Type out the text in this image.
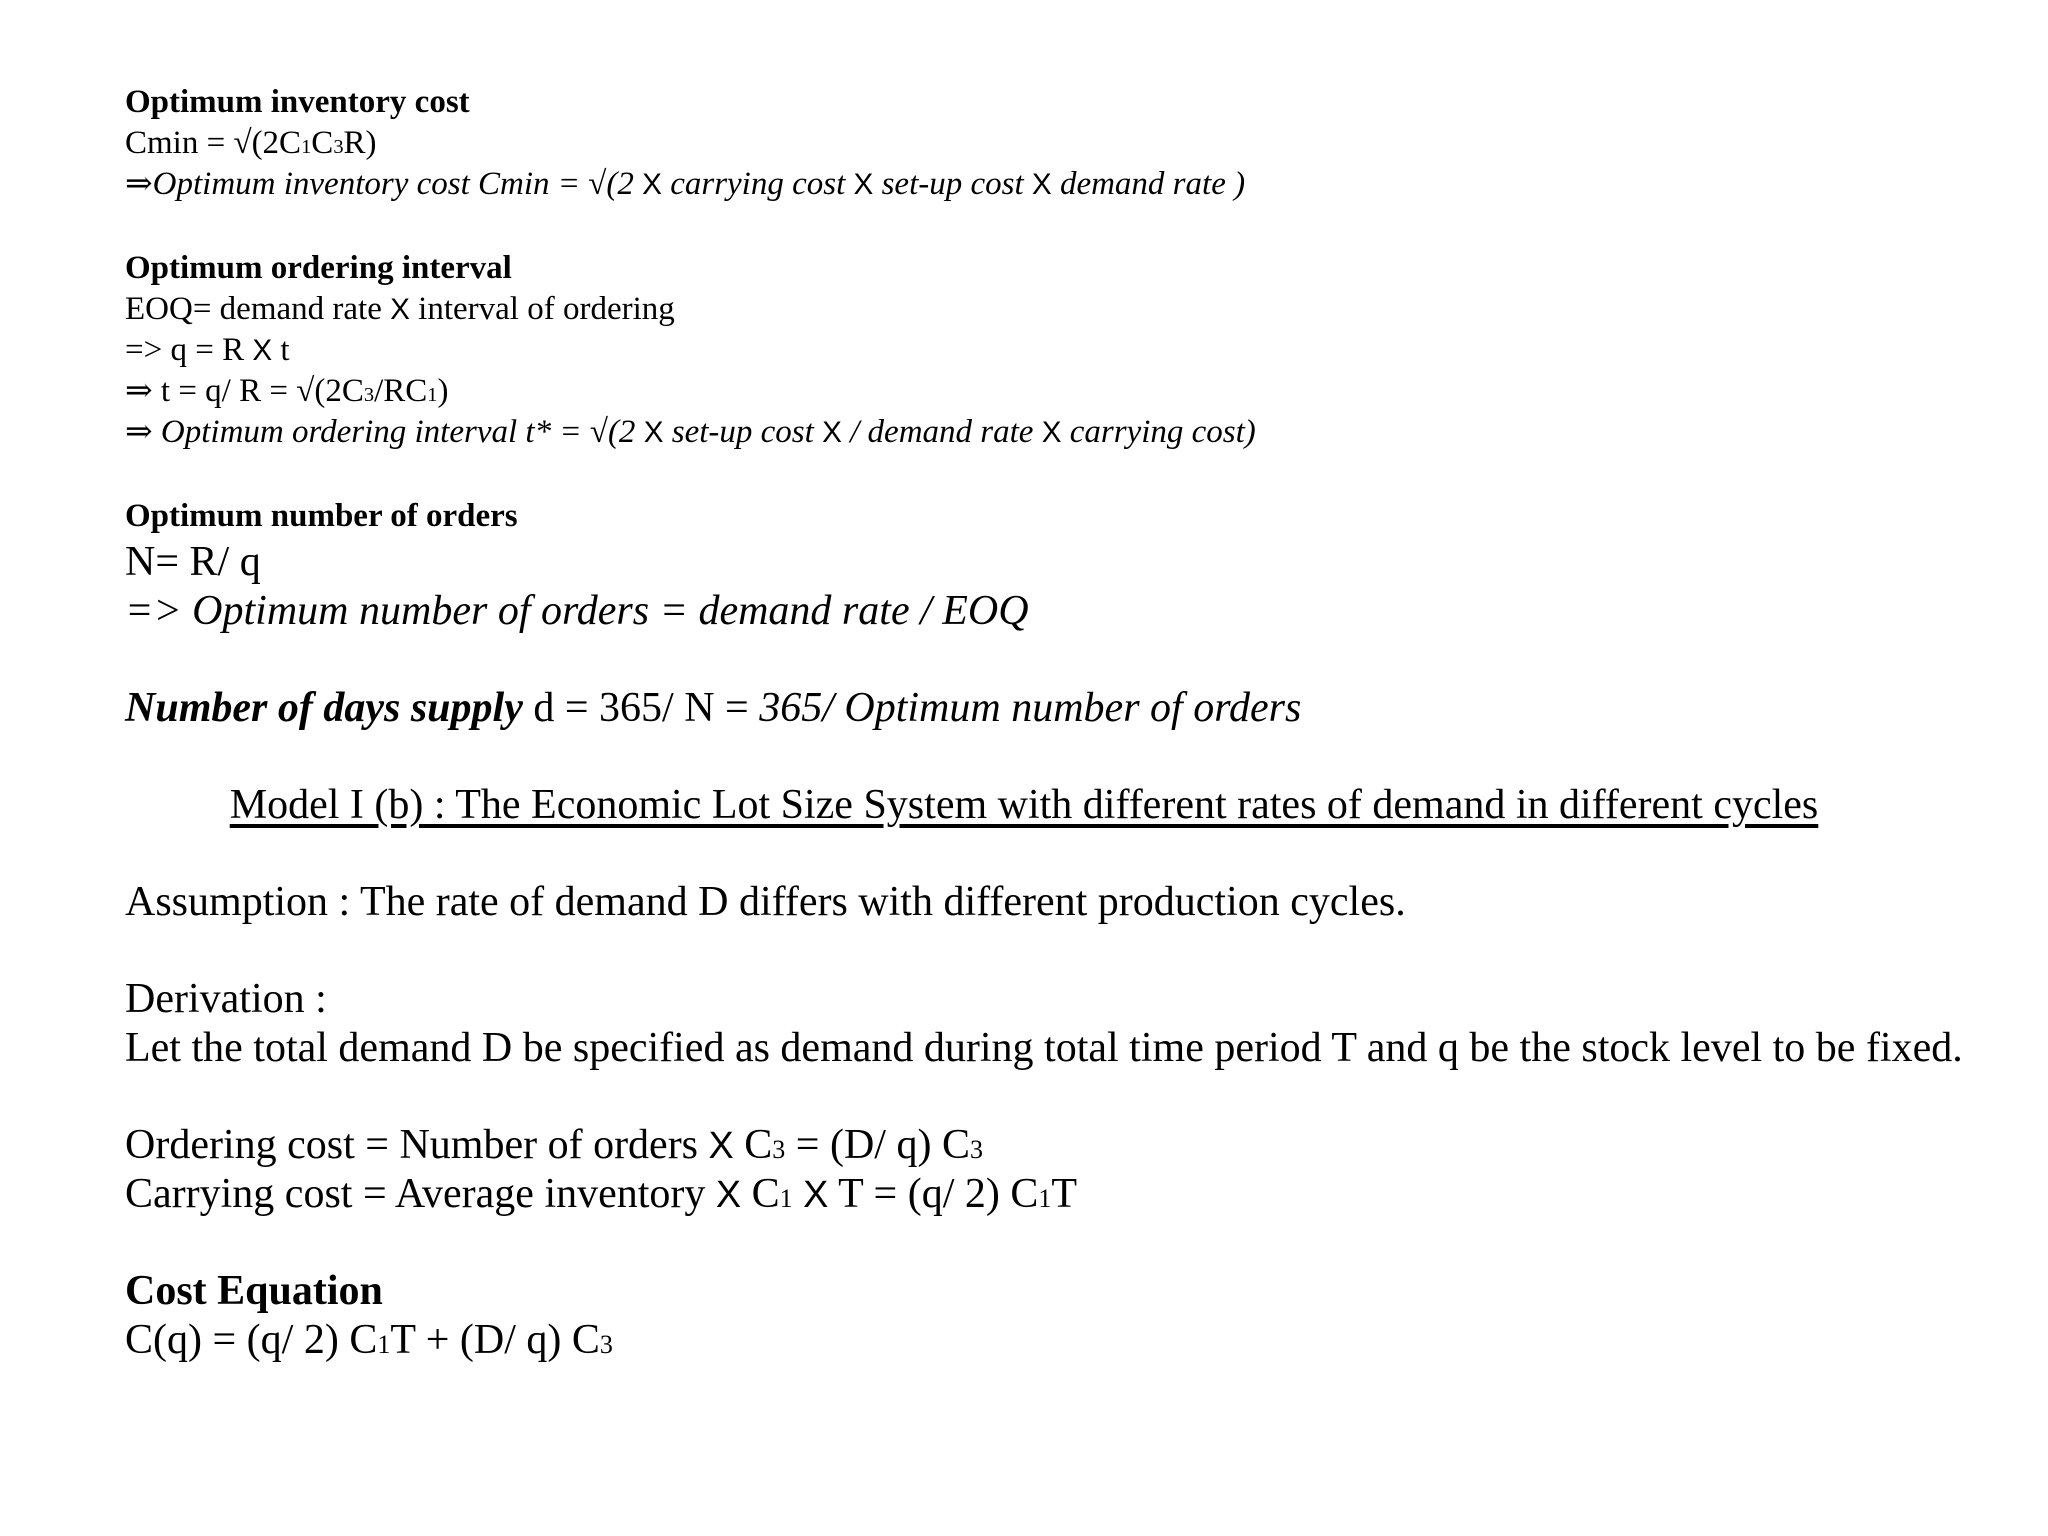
Optimum inventory cost
Cmin = √(2C1C3R)
⇒Optimum inventory cost Cmin = √(2 X carrying cost X set-up cost X demand rate )
Optimum ordering interval
EOQ= demand rate X interval of ordering
=> q = R X t
⇒ t = q/ R = √(2C3/RC1)
⇒ Optimum ordering interval t* = √(2 X set-up cost X / demand rate X carrying cost)
Optimum number of orders
N= R/ q
=> Optimum number of orders = demand rate / EOQ
Number of days supply d = 365/ N = 365/ Optimum number of orders
Model I (b) : The Economic Lot Size System with different rates of demand in different cycles
Assumption : The rate of demand D differs with different production cycles.
Derivation :
Let the total demand D be specified as demand during total time period T and q be the stock level to be fixed.
Ordering cost = Number of orders X C3 = (D/ q) C3
Carrying cost = Average inventory X C1 X T = (q/ 2) C1T
Cost Equation
C(q) = (q/ 2) C1T + (D/ q) C3
